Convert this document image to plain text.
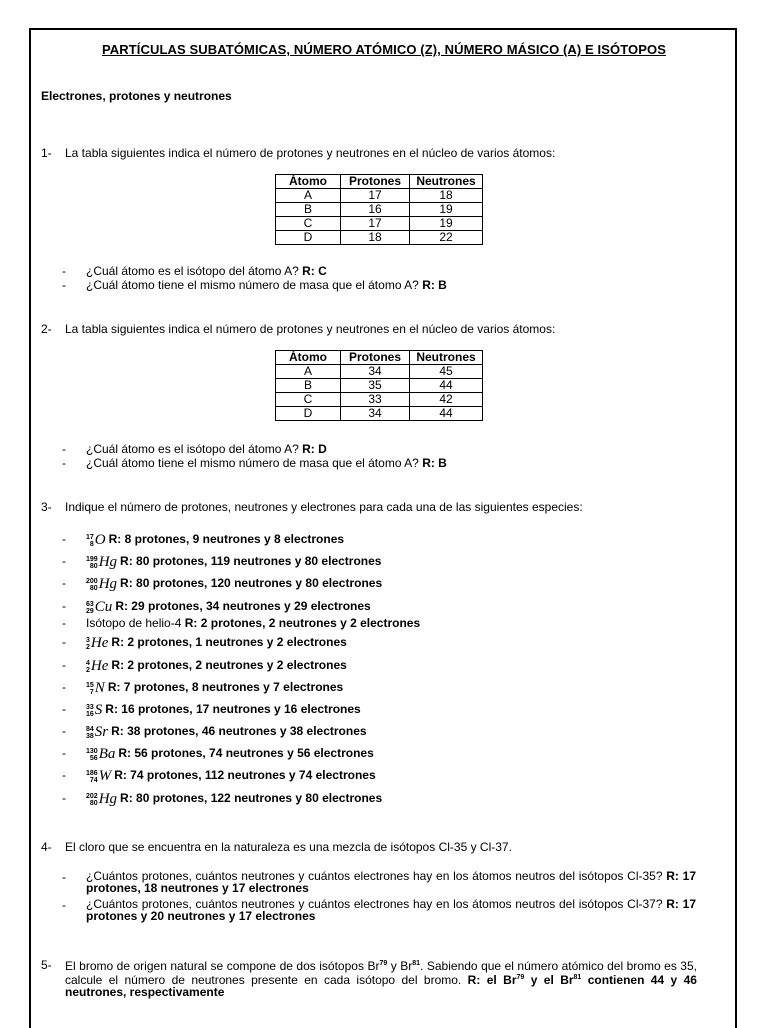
PARTÍCULAS SUBATÓMICAS, NÚMERO ATÓMICO (Z), NÚMERO MÁSICO (A) E ISÓTOPOS
Electrones, protones y neutrones
1- La tabla siguientes indica el número de protones y neutrones en el núcleo de varios átomos:
Átomo	Protones	Neutrones
A	17	18
B	16	19
C	17	19
D	18	22
- ¿Cuál átomo es el isótopo del átomo A? R: C
- ¿Cuál átomo tiene el mismo número de masa que el átomo A? R: B
2- La tabla siguientes indica el número de protones y neutrones en el núcleo de varios átomos:
Átomo	Protones	Neutrones
A	34	45
B	35	44
C	33	42
D	34	44
- ¿Cuál átomo es el isótopo del átomo A? R: D
- ¿Cuál átomo tiene el mismo número de masa que el átomo A? R: B
3- Indique el número de protones, neutrones y electrones para cada una de las siguientes especies:
-	17
8 O R: 8 protones, 9 neutrones y 8 electrones
-	199
80 Hg R: 80 protones, 119 neutrones y 80 electrones
-	200
80 Hg R: 80 protones, 120 neutrones y 80 electrones
-	63
29 Cu R: 29 protones, 34 neutrones y 29 electrones
- Isótopo de helio-4 R: 2 protones, 2 neutrones y 2 electrones
-	3
2 He R: 2 protones, 1 neutrones y 2 electrones
-	4
2 He R: 2 protones, 2 neutrones y 2 electrones
-	15
7 N R: 7 protones, 8 neutrones y 7 electrones
-	33
16 S R: 16 protones, 17 neutrones y 16 electrones
-	84
38 Sr R: 38 protones, 46 neutrones y 38 electrones
-	130
56 Ba R: 56 protones, 74 neutrones y 56 electrones
-	186
74 W R: 74 protones, 112 neutrones y 74 electrones
-	202
80 Hg R: 80 protones, 122 neutrones y 80 electrones
4- El cloro que se encuentra en la naturaleza es una mezcla de isótopos Cl-35 y Cl-37.
- ¿Cuántos protones, cuántos neutrones y cuántos electrones hay en los átomos neutros del isótopos Cl-35? R: 17 protones, 18 neutrones y 17 electrones
- ¿Cuántos protones, cuántos neutrones y cuántos electrones hay en los átomos neutros del isótopos Cl-37? R: 17 protones y 20 neutrones y 17 electrones
5- El bromo de origen natural se compone de dos isótopos Br$^{79}$ y Br$^{81}$. Sabiendo que el número atómico del bromo es 35, calcule el número de neutrones presente en cada isótopo del bromo. R: el Br$^{79}$ y el Br$^{81}$ contienen 44 y 46 neutrones, respectivamente
